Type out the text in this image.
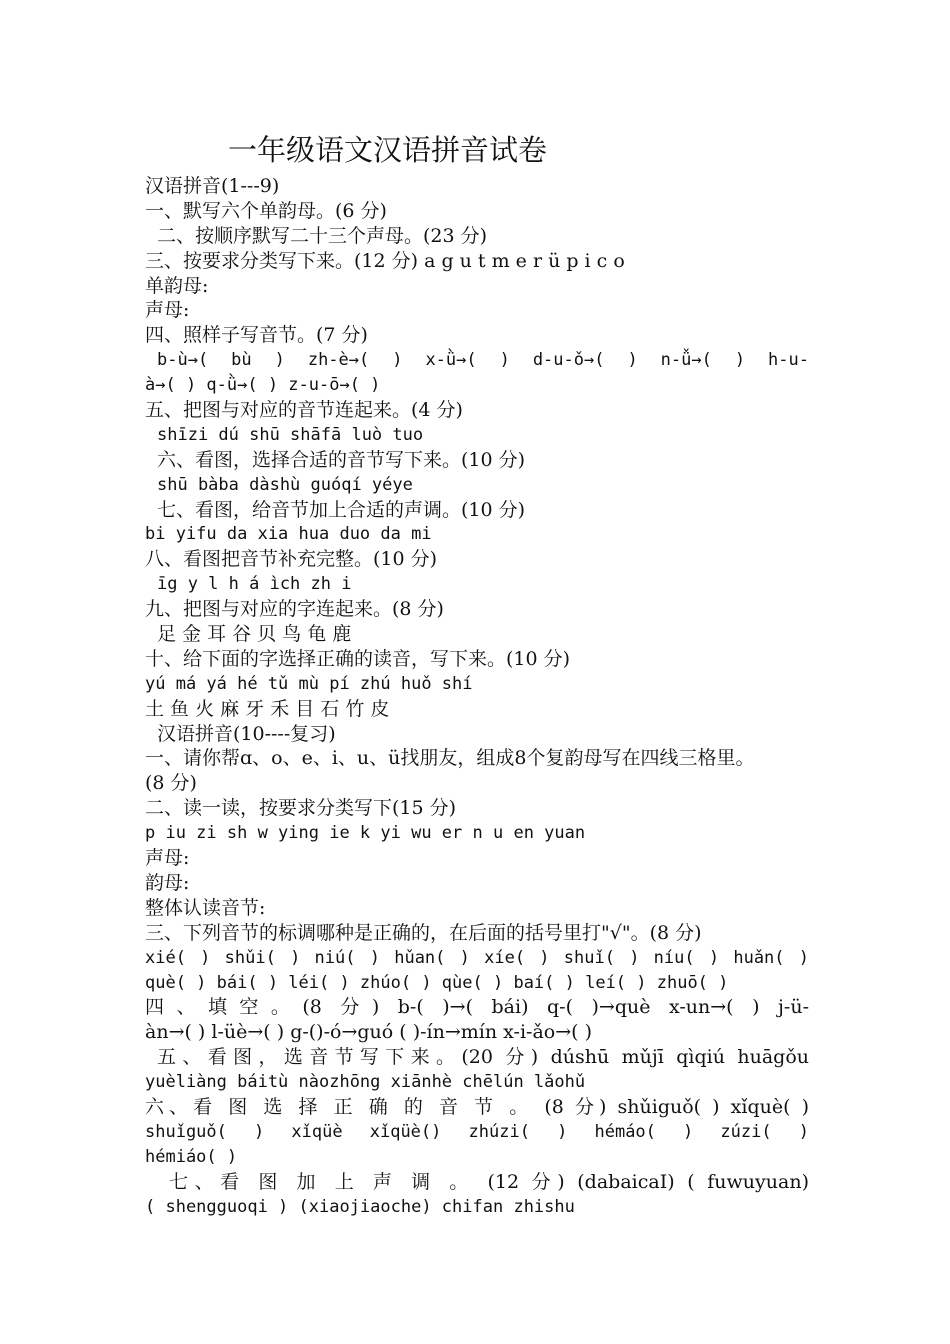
一年级语文汉语拼音试卷
汉语拼音(1---9)
一、默写六个单韵母。(6 分)
二、按顺序默写二十三个声母。(23 分)
三、按要求分类写下来。(12 分) a g u t m e r ü p i c o
单韵母:
声母:
四、照样子写音节。(7 分)
b-ù→( bù ) zh-è→( ) x-ǜ→( ) d-u-ǒ→( ) n-ǚ→( ) h-u-
à→( ) q-ǜ→( ) z-u-ō→( )
五、把图与对应的音节连起来。(4 分)
shīzi dú shū shāfā luò tuo
六、看图，选择合适的音节写下来。(10 分)
shū bàba dàshù guóqí yéye
七、看图，给音节加上合适的声调。(10 分)
bi yifu da xia hua duo da mi
八、看图把音节补充完整。(10 分)
īg y l h á ìch zh i
九、把图与对应的字连起来。(8 分)
足 金 耳 谷 贝 鸟 龟 鹿
十、给下面的字选择正确的读音，写下来。(10 分)
yú má yá hé tǔ mù pí zhú huǒ shí
土 鱼 火 麻 牙 禾 目 石 竹 皮
汉语拼音(10----复习)
一、请你帮ɑ、o、e、i、u、ü找朋友，组成8个复韵母写在四线三格里。
(8 分)
二、读一读，按要求分类写下(15 分)
p iu zi sh w ying ie k yi wu er n u en yuan
声母:
韵母:
整体认读音节:
三、下列音节的标调哪种是正确的，在后面的括号里打"√"。(8 分)
xié( ) shǔi( ) niú( ) hǔan( ) xíe( ) shuǐ( ) níu( ) huǎn( )
què( ) bái( ) léi( ) zhúo( ) qùe( ) baí( ) leí( ) zhuō( )
四、填空。(8 分) b-( )→( bái) q-( )→què x-un→( ) j-ü-
àn→( ) l-üè→( ) g-()-ó→guó ( )-ín→mín x-i-ǎo→( )
五、看图，选音节写下来。(20 分) dúshū mǔjī qìqiú huāgǒu
yuèliàng báitù nàozhōng xiānhè chēlún lǎohǔ
六、看 图 选 择 正 确 的 音 节 。 (8 分) shǔiguǒ( ) xǐquè( )
shuǐguǒ( ) xǐqüè xǐqüè() zhúzi( ) hémáo( ) zúzi( )
hémiáo( )
七、看 图 加 上 声 调 。 (12 分) (dabaicaI) ( fuwuyuan)
( shengguoqi ) (xiaojiaoche) chifan zhishu
